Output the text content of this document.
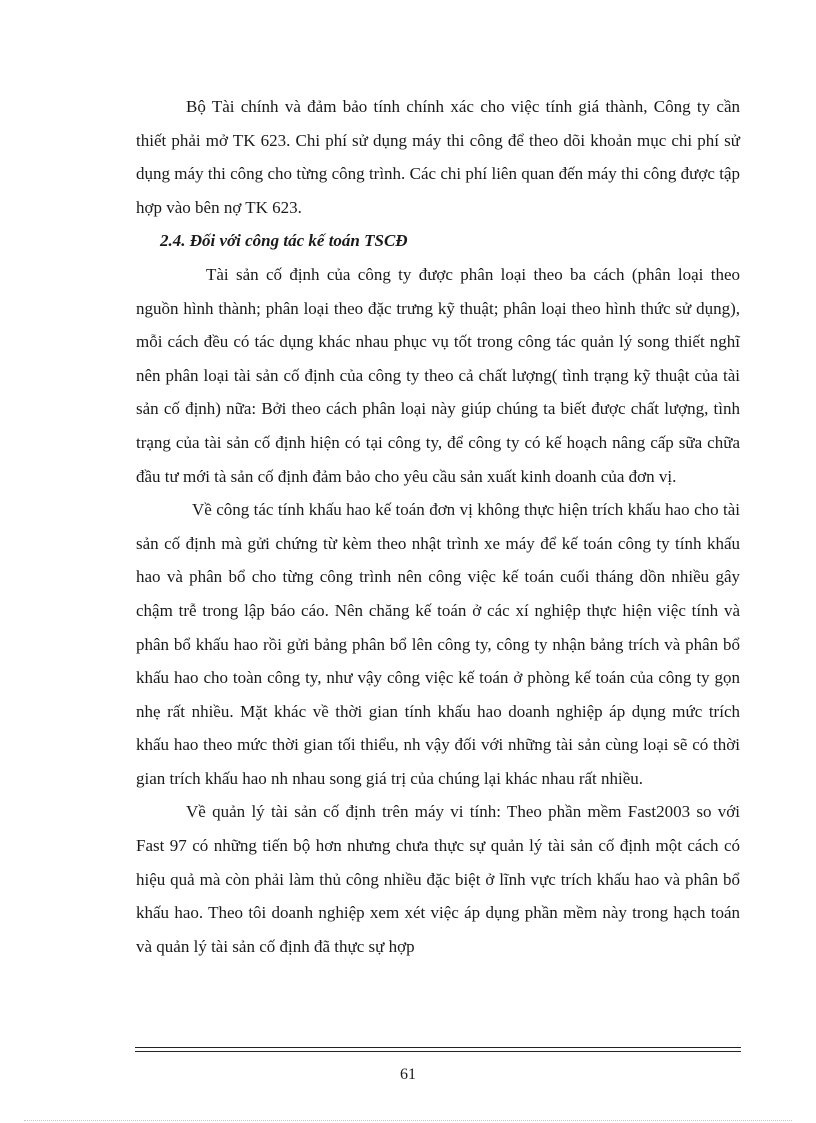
Bộ Tài chính và đảm bảo tính chính xác cho việc tính giá thành, Công ty cần thiết phải mở TK 623. Chi phí sử dụng máy thi công để theo dõi khoản mục chi phí sử dụng máy thi công cho từng công trình. Các chi phí liên quan đến máy thi công được tập hợp vào bên nợ TK 623.

2.4. Đối với công tác kế toán TSCĐ

Tài sản cố định của công ty được phân loại theo ba cách (phân loại theo nguồn hình thành; phân loại theo đặc trưng kỹ thuật; phân loại theo hình thức sử dụng), mỗi cách đều có tác dụng khác nhau phục vụ tốt trong công tác quản lý song thiết nghĩ nên phân loại tài sản cố định của công ty theo cả chất lượng( tình trạng kỹ thuật của tài sản cố định) nữa: Bởi theo cách phân loại này giúp chúng ta biết được chất lượng, tình trạng của tài sản cố định hiện có tại công ty, để công ty có kế hoạch nâng cấp sữa chữa đầu tư mới tà sản cố định đảm bảo cho yêu cầu sản xuất kinh doanh của đơn vị.

Về công tác tính khấu hao kế toán đơn vị không thực hiện trích khấu hao cho tài sản cố định mà gửi chứng từ kèm theo nhật trình xe máy để kế toán công ty tính khấu hao và phân bổ cho từng công trình nên công việc kế toán cuối tháng dồn nhiều gây chậm trễ trong lập báo cáo. Nên chăng kế toán ở các xí nghiệp thực hiện việc tính và phân bổ khấu hao rồi gửi bảng phân bổ lên công ty, công ty nhận bảng trích và phân bổ khấu hao cho toàn công ty, như vậy công việc kế toán ở phòng kế toán của công ty gọn nhẹ rất nhiều. Mặt khác về thời gian tính khấu hao doanh nghiệp áp dụng mức trích khấu hao theo mức thời gian tối thiểu, nh vậy đối với những tài sản cùng loại sẽ có thời gian trích khấu hao nh nhau song giá trị của chúng lại khác nhau rất nhiều.

Về quản lý tài sản cố định trên máy vi tính: Theo phần mềm Fast2003 so với Fast 97 có những tiến bộ hơn nhưng chưa thực sự quản lý tài sản cố định một cách có hiệu quả mà còn phải làm thủ công nhiều đặc biệt ở lĩnh vực trích khấu hao và phân bổ khấu hao. Theo tôi doanh nghiệp xem xét việc áp dụng phần mềm này trong hạch toán và quản lý tài sản cố định đã thực sự hợp

61
